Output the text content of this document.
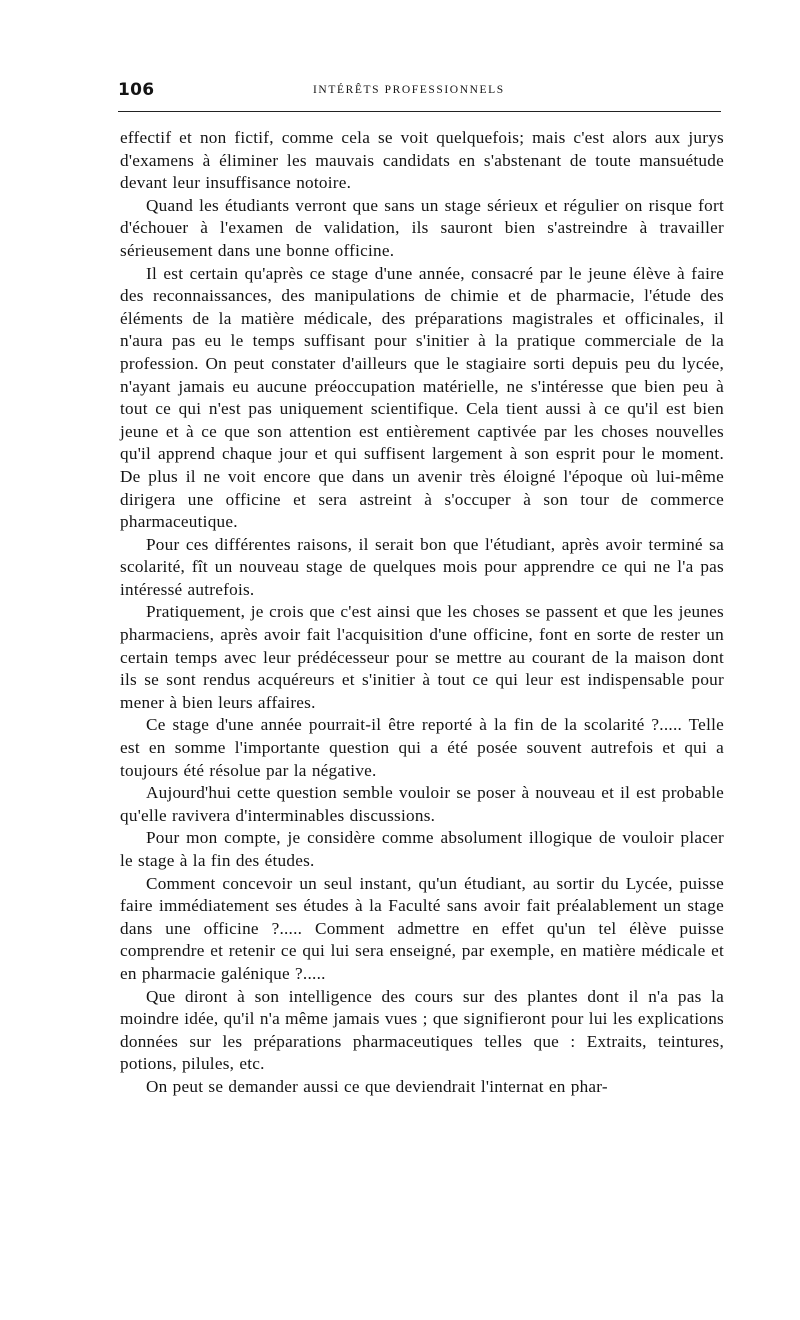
106	INTÉRÊTS PROFESSIONNELS

effectif et non fictif, comme cela se voit quelquefois; mais c'est alors aux jurys d'examens à éliminer les mauvais candidats en s'abstenant de toute mansuétude devant leur insuffisance notoire.

Quand les étudiants verront que sans un stage sérieux et régulier on risque fort d'échouer à l'examen de validation, ils sauront bien s'astreindre à travailler sérieusement dans une bonne officine.

Il est certain qu'après ce stage d'une année, consacré par le jeune élève à faire des reconnaissances, des manipulations de chimie et de pharmacie, l'étude des éléments de la matière médicale, des préparations magistrales et officinales, il n'aura pas eu le temps suffisant pour s'initier à la pratique commerciale de la profession. On peut constater d'ailleurs que le stagiaire sorti depuis peu du lycée, n'ayant jamais eu aucune préoccupation matérielle, ne s'intéresse que bien peu à tout ce qui n'est pas uniquement scientifique. Cela tient aussi à ce qu'il est bien jeune et à ce que son attention est entièrement captivée par les choses nouvelles qu'il apprend chaque jour et qui suffisent largement à son esprit pour le moment. De plus il ne voit encore que dans un avenir très éloigné l'époque où lui-même dirigera une officine et sera astreint à s'occuper à son tour de commerce pharmaceutique.

Pour ces différentes raisons, il serait bon que l'étudiant, après avoir terminé sa scolarité, fît un nouveau stage de quelques mois pour apprendre ce qui ne l'a pas intéressé autrefois.

Pratiquement, je crois que c'est ainsi que les choses se passent et que les jeunes pharmaciens, après avoir fait l'acquisition d'une officine, font en sorte de rester un certain temps avec leur prédécesseur pour se mettre au courant de la maison dont ils se sont rendus acquéreurs et s'initier à tout ce qui leur est indispensable pour mener à bien leurs affaires.

Ce stage d'une année pourrait-il être reporté à la fin de la scolarité ?..... Telle est en somme l'importante question qui a été posée souvent autrefois et qui a toujours été résolue par la négative.

Aujourd'hui cette question semble vouloir se poser à nouveau et il est probable qu'elle ravivera d'interminables discussions.

Pour mon compte, je considère comme absolument illogique de vouloir placer le stage à la fin des études.

Comment concevoir un seul instant, qu'un étudiant, au sortir du Lycée, puisse faire immédiatement ses études à la Faculté sans avoir fait préalablement un stage dans une officine ?..... Comment admettre en effet qu'un tel élève puisse comprendre et retenir ce qui lui sera enseigné, par exemple, en matière médicale et en pharmacie galénique ?.....

Que diront à son intelligence des cours sur des plantes dont il n'a pas la moindre idée, qu'il n'a même jamais vues ; que signifieront pour lui les explications données sur les préparations pharmaceutiques telles que : Extraits, teintures, potions, pilules, etc.

On peut se demander aussi ce que deviendrait l'internat en phar-
